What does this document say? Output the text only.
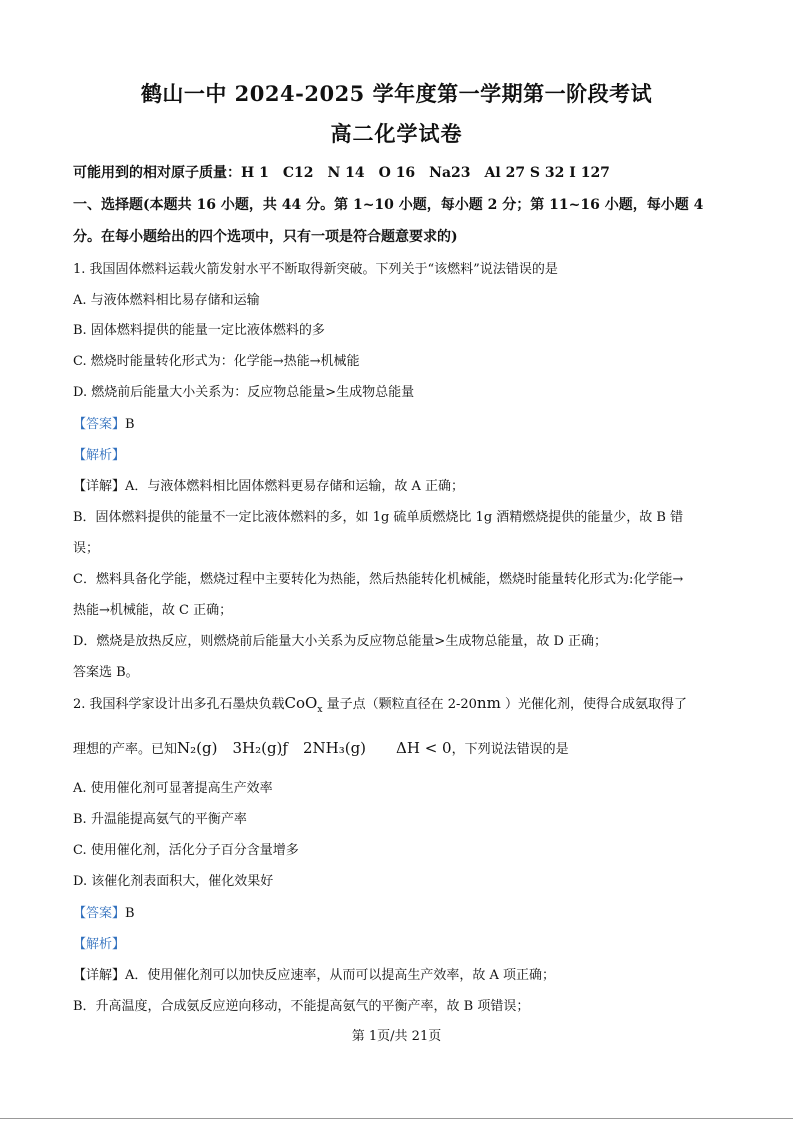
鹤山一中 2024-2025 学年度第一学期第一阶段考试
高二化学试卷
可能用到的相对原子质量：H 1　C12　N 14　O 16　Na23　Al 27 S 32 I 127
一、选择题(本题共 16 小题，共 44 分。第 1~10 小题，每小题 2 分；第 11~16 小题，每小题 4
分。在每小题给出的四个选项中，只有一项是符合题意要求的)
1. 我国固体燃料运载火箭发射水平不断取得新突破。下列关于“该燃料”说法错误的是
A. 与液体燃料相比易存储和运输
B. 固体燃料提供的能量一定比液体燃料的多
C. 燃烧时能量转化形式为：化学能→热能→机械能
D. 燃烧前后能量大小关系为：反应物总能量>生成物总能量
【答案】B
【解析】
【详解】A．与液体燃料相比固体燃料更易存储和运输，故 A 正确；
B．固体燃料提供的能量不一定比液体燃料的多，如 1g 硫单质燃烧比 1g 酒精燃烧提供的能量少，故 B 错
误；
C．燃料具备化学能，燃烧过程中主要转化为热能，然后热能转化机械能，燃烧时能量转化形式为:化学能→
热能→机械能，故 C 正确；
D．燃烧是放热反应，则燃烧前后能量大小关系为反应物总能量>生成物总能量，故 D 正确；
答案选 B。
2. 我国科学家设计出多孔石墨炔负载CoO$_x$ 量子点（颗粒直径在 2-20nm ）光催化剂，使得合成氨取得了
理想的产率。已知N₂(g)　3H₂(g)ƒ　2NH₃(g)　　ΔH < 0，下列说法错误的是
A. 使用催化剂可显著提高生产效率
B. 升温能提高氨气的平衡产率
C. 使用催化剂，活化分子百分含量增多
D. 该催化剂表面积大，催化效果好
【答案】B
【解析】
【详解】A．使用催化剂可以加快反应速率，从而可以提高生产效率，故 A 项正确；
B．升高温度，合成氨反应逆向移动，不能提高氨气的平衡产率，故 B 项错误；
第 1页/共 21页
